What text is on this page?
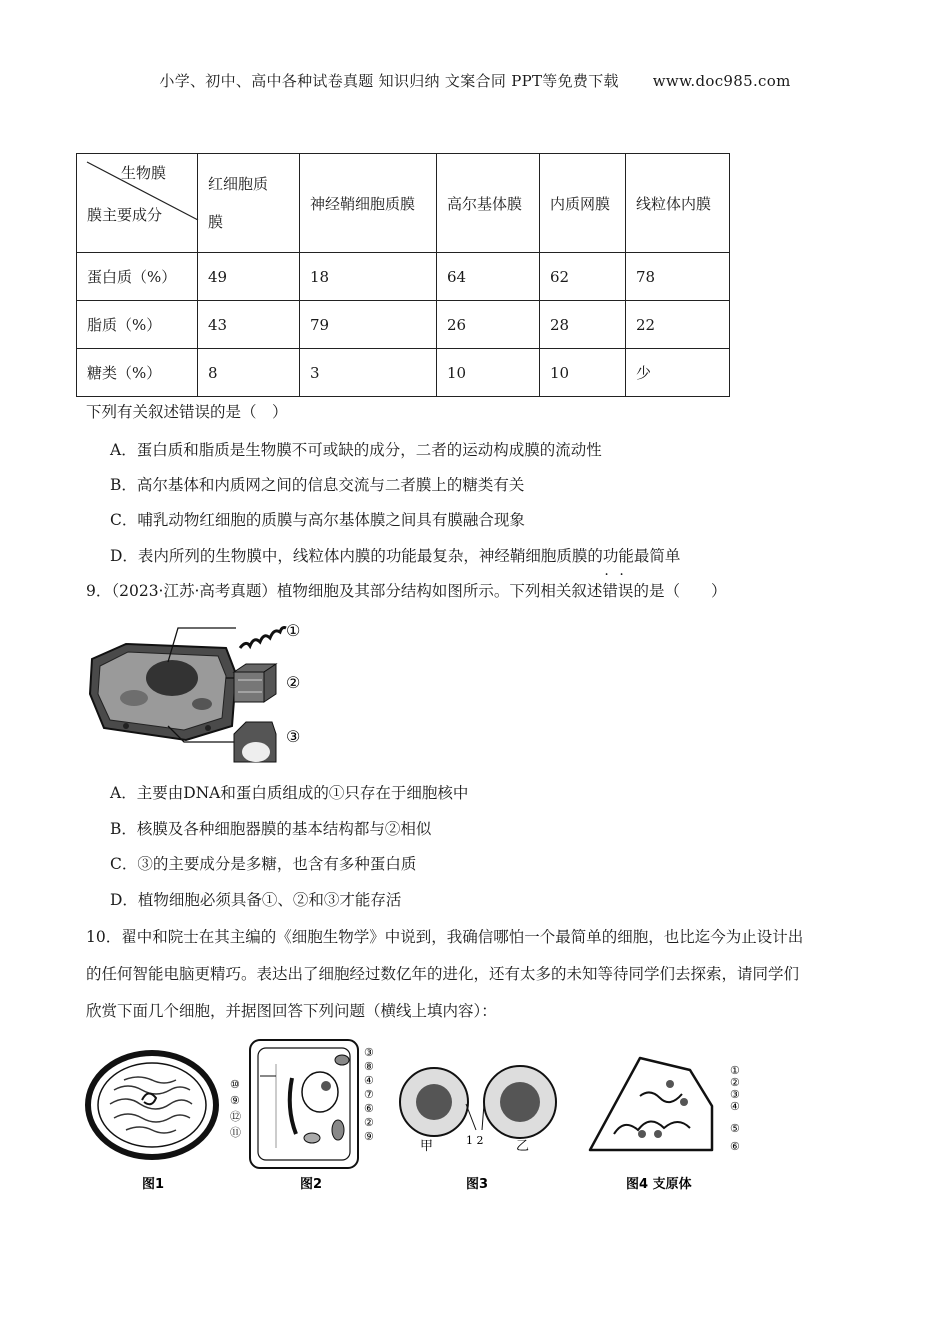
小学、初中、高中各种试卷真题 知识归纳 文案合同 PPT等免费下载 www.doc985.com
生物膜
膜主要成分	红细胞质膜	神经鞘细胞质膜	高尔基体膜	内质网膜	线粒体内膜
蛋白质（%）	49	18	64	62	78
脂质（%）	43	79	26	28	22
糖类（%）	8	3	10	10	少
下列有关叙述错误的是（　）
A．蛋白质和脂质是生物膜不可或缺的成分，二者的运动构成膜的流动性
B．高尔基体和内质网之间的信息交流与二者膜上的糖类有关
C．哺乳动物红细胞的质膜与高尔基体膜之间具有膜融合现象
D．表内所列的生物膜中，线粒体内膜的功能最复杂，神经鞘细胞质膜的功能最简单
9．（2023·江苏·高考真题）植物细胞及其部分结构如图所示。下列相关叙述错误 · ·的是（　　）
①
②
③
A．主要由DNA和蛋白质组成的①只存在于细胞核中
B．核膜及各种细胞器膜的基本结构都与②相似
C．③的主要成分是多糖，也含有多种蛋白质
D．植物细胞必须具备①、②和③才能存活
10．翟中和院士在其主编的《细胞生物学》中说到，我确信哪怕一个最简单的细胞，也比迄今为止设计出
的任何智能电脑更精巧。表达出了细胞经过数亿年的进化，还有太多的未知等待同学们去探索，请同学们
欣赏下面几个细胞，并据图回答下列问题（横线上填内容）：
图1
⑩
⑨
⑫
⑪
③
⑧
④
⑦
⑥
②
⑨
图2
甲	乙
1 2
图3
①
②
③
④
⑤
⑥
图4 支原体
